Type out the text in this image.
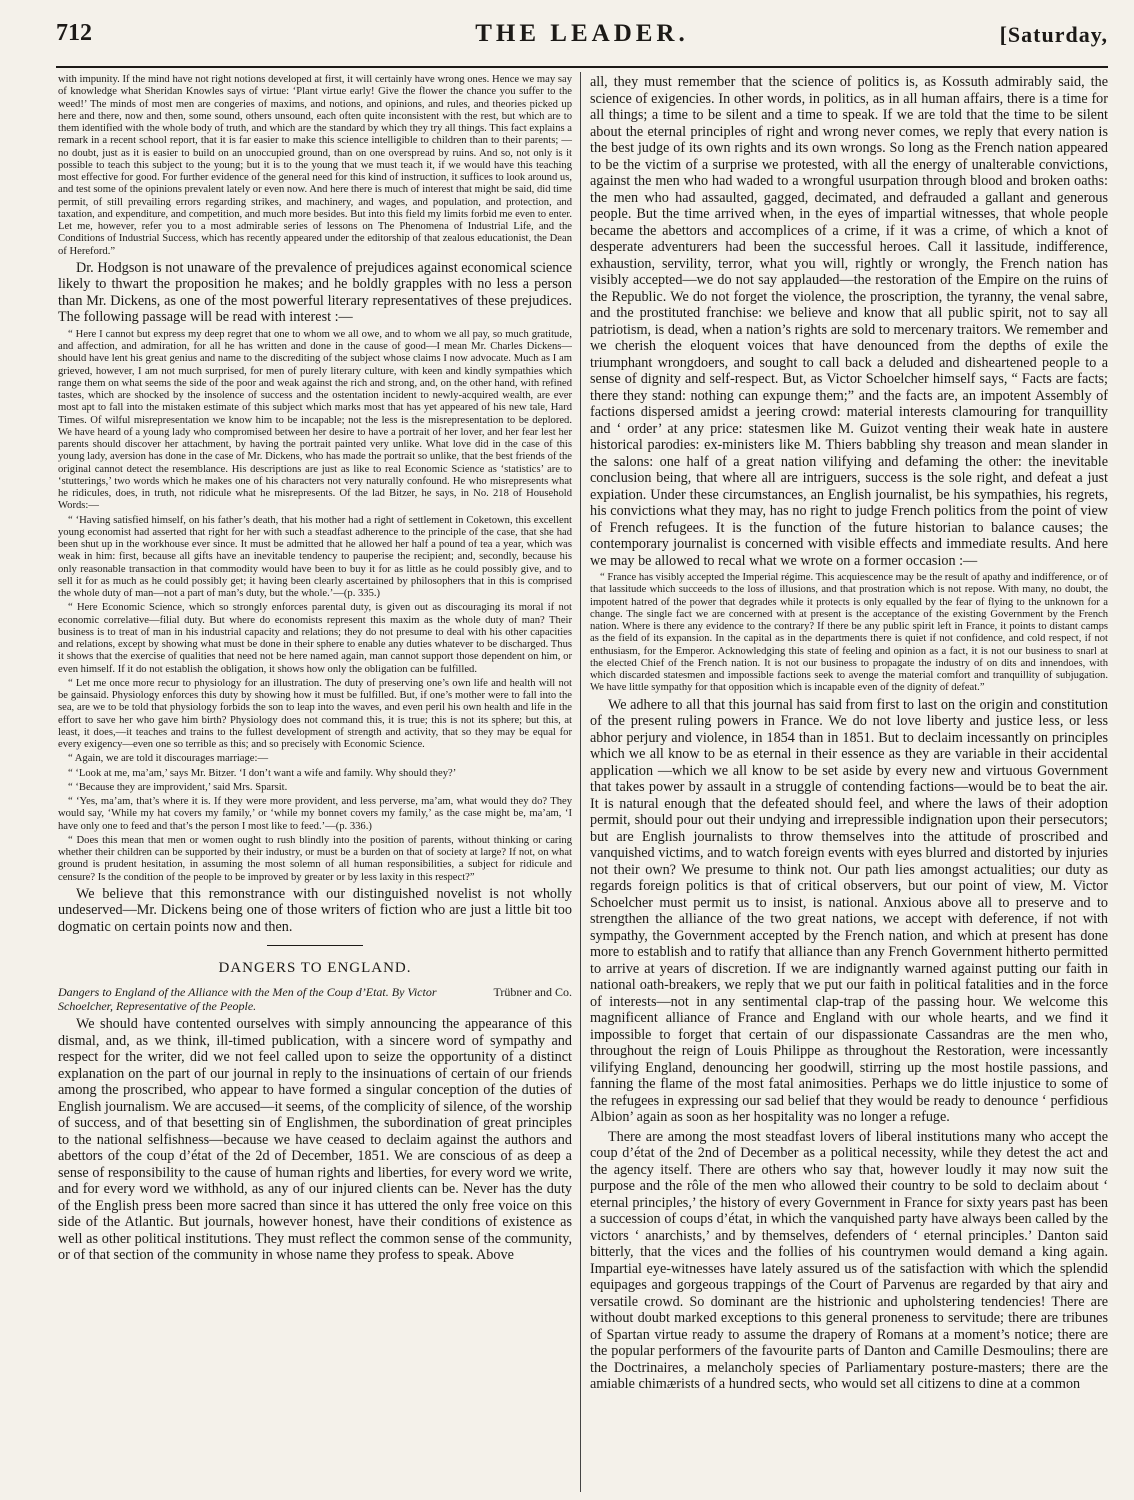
712	THE LEADER.	[Saturday,

with impunity. If the mind have not right notions developed at first, it will certainly have wrong ones. Hence we may say of knowledge what Sheridan Knowles says of virtue: ‘Plant virtue early! Give the flower the chance you suffer to the weed!’ The minds of most men are congeries of maxims, and notions, and opinions, and rules, and theories picked up here and there, now and then, some sound, others unsound, each often quite inconsistent with the rest, but which are to them identified with the whole body of truth, and which are the standard by which they try all things. This fact explains a remark in a recent school report, that it is far easier to make this science intelligible to children than to their parents; —no doubt, just as it is easier to build on an unoccupied ground, than on one overspread by ruins. And so, not only is it possible to teach this subject to the young; but it is to the young that we must teach it, if we would have this teaching most effective for good. For further evidence of the general need for this kind of instruction, it suffices to look around us, and test some of the opinions prevalent lately or even now. And here there is much of interest that might be said, did time permit, of still prevailing errors regarding strikes, and machinery, and wages, and population, and protection, and taxation, and expenditure, and competition, and much more besides. But into this field my limits forbid me even to enter. Let me, however, refer you to a most admirable series of lessons on The Phenomena of Industrial Life, and the Conditions of Industrial Success, which has recently appeared under the editorship of that zealous educationist, the Dean of Hereford.”

Dr. Hodgson is not unaware of the prevalence of prejudices against economical science likely to thwart the proposition he makes; and he boldly grapples with no less a person than Mr. Dickens, as one of the most powerful literary representatives of these prejudices. The following passage will be read with interest :—

“ Here I cannot but express my deep regret that one to whom we all owe, and to whom we all pay, so much gratitude, and affection, and admiration, for all he has written and done in the cause of good—I mean Mr. Charles Dickens—should have lent his great genius and name to the discrediting of the subject whose claims I now advocate. Much as I am grieved, however, I am not much surprised, for men of purely literary culture, with keen and kindly sympathies which range them on what seems the side of the poor and weak against the rich and strong, and, on the other hand, with refined tastes, which are shocked by the insolence of success and the ostentation incident to newly-acquired wealth, are ever most apt to fall into the mistaken estimate of this subject which marks most that has yet appeared of his new tale, Hard Times. Of wilful misrepresentation we know him to be incapable; not the less is the misrepresentation to be deplored. We have heard of a young lady who compromised between her desire to have a portrait of her lover, and her fear lest her parents should discover her attachment, by having the portrait painted very unlike. What love did in the case of this young lady, aversion has done in the case of Mr. Dickens, who has made the portrait so unlike, that the best friends of the original cannot detect the resemblance. His descriptions are just as like to real Economic Science as ‘statistics’ are to ‘stutterings,’ two words which he makes one of his characters not very naturally confound. He who misrepresents what he ridicules, does, in truth, not ridicule what he misrepresents. Of the lad Bitzer, he says, in No. 218 of Household Words:—

“ ‘Having satisfied himself, on his father’s death, that his mother had a right of settlement in Coketown, this excellent young economist had asserted that right for her with such a steadfast adherence to the principle of the case, that she had been shut up in the workhouse ever since. It must be admitted that he allowed her half a pound of tea a year, which was weak in him: first, because all gifts have an inevitable tendency to pauperise the recipient; and, secondly, because his only reasonable transaction in that commodity would have been to buy it for as little as he could possibly give, and to sell it for as much as he could possibly get; it having been clearly ascertained by philosophers that in this is comprised the whole duty of man—not a part of man’s duty, but the whole.’—(p. 335.)

“ Here Economic Science, which so strongly enforces parental duty, is given out as discouraging its moral if not economic correlative—filial duty. But where do economists represent this maxim as the whole duty of man? Their business is to treat of man in his industrial capacity and relations; they do not presume to deal with his other capacities and relations, except by showing what must be done in their sphere to enable any duties whatever to be discharged. Thus it shows that the exercise of qualities that need not be here named again, man cannot support those dependent on him, or even himself. If it do not establish the obligation, it shows how only the obligation can be fulfilled.

“ Let me once more recur to physiology for an illustration. The duty of preserving one’s own life and health will not be gainsaid. Physiology enforces this duty by showing how it must be fulfilled. But, if one’s mother were to fall into the sea, are we to be told that physiology forbids the son to leap into the waves, and even peril his own health and life in the effort to save her who gave him birth? Physiology does not command this, it is true; this is not its sphere; but this, at least, it does,—it teaches and trains to the fullest development of strength and activity, that so they may be equal for every exigency—even one so terrible as this; and so precisely with Economic Science.

“ Again, we are told it discourages marriage:—

“ ‘Look at me, ma’am,’ says Mr. Bitzer. ‘I don’t want a wife and family. Why should they?’

“ ‘Because they are improvident,’ said Mrs. Sparsit.

“ ‘Yes, ma’am, that’s where it is. If they were more provident, and less perverse, ma’am, what would they do? They would say, ‘While my hat covers my family,’ or ‘while my bonnet covers my family,’ as the case might be, ma’am, ‘I have only one to feed and that’s the person I most like to feed.’—(p. 336.)

“ Does this mean that men or women ought to rush blindly into the position of parents, without thinking or caring whether their children can be supported by their industry, or must be a burden on that of society at large? If not, on what ground is prudent hesitation, in assuming the most solemn of all human responsibilities, a subject for ridicule and censure? Is the condition of the people to be improved by greater or by less laxity in this respect?”

We believe that this remonstrance with our distinguished novelist is not wholly undeserved—Mr. Dickens being one of those writers of fiction who are just a little bit too dogmatic on certain points now and then.

DANGERS TO ENGLAND.

Trübner and Co.
Dangers to England of the Alliance with the Men of the Coup d’Etat. By Victor Schoelcher, Representative of the People.

We should have contented ourselves with simply announcing the appearance of this dismal, and, as we think, ill-timed publication, with a sincere word of sympathy and respect for the writer, did we not feel called upon to seize the opportunity of a distinct explanation on the part of our journal in reply to the insinuations of certain of our friends among the proscribed, who appear to have formed a singular conception of the duties of English journalism. We are accused—it seems, of the complicity of silence, of the worship of success, and of that besetting sin of Englishmen, the subordination of great principles to the national selfishness—because we have ceased to declaim against the authors and abettors of the coup d’état of the 2d of December, 1851. We are conscious of as deep a sense of responsibility to the cause of human rights and liberties, for every word we write, and for every word we withhold, as any of our injured clients can be. Never has the duty of the English press been more sacred than since it has uttered the only free voice on this side of the Atlantic. But journals, however honest, have their conditions of existence as well as other political institutions. They must reflect the common sense of the community, or of that section of the community in whose name they profess to speak. Above

all, they must remember that the science of politics is, as Kossuth admirably said, the science of exigencies. In other words, in politics, as in all human affairs, there is a time for all things; a time to be silent and a time to speak. If we are told that the time to be silent about the eternal principles of right and wrong never comes, we reply that every nation is the best judge of its own rights and its own wrongs. So long as the French nation appeared to be the victim of a surprise we protested, with all the energy of unalterable convictions, against the men who had waded to a wrongful usurpation through blood and broken oaths: the men who had assaulted, gagged, decimated, and defrauded a gallant and generous people. But the time arrived when, in the eyes of impartial witnesses, that whole people became the abettors and accomplices of a crime, if it was a crime, of which a knot of desperate adventurers had been the successful heroes. Call it lassitude, indifference, exhaustion, servility, terror, what you will, rightly or wrongly, the French nation has visibly accepted—we do not say applauded—the restoration of the Empire on the ruins of the Republic. We do not forget the violence, the proscription, the tyranny, the venal sabre, and the prostituted franchise: we believe and know that all public spirit, not to say all patriotism, is dead, when a nation’s rights are sold to mercenary traitors. We remember and we cherish the eloquent voices that have denounced from the depths of exile the triumphant wrongdoers, and sought to call back a deluded and disheartened people to a sense of dignity and self-respect. But, as Victor Schoelcher himself says, “ Facts are facts; there they stand: nothing can expunge them;” and the facts are, an impotent Assembly of factions dispersed amidst a jeering crowd: material interests clamouring for tranquillity and ‘ order’ at any price: statesmen like M. Guizot venting their weak hate in austere historical parodies: ex-ministers like M. Thiers babbling shy treason and mean slander in the salons: one half of a great nation vilifying and defaming the other: the inevitable conclusion being, that where all are intriguers, success is the sole right, and defeat a just expiation. Under these circumstances, an English journalist, be his sympathies, his regrets, his convictions what they may, has no right to judge French politics from the point of view of French refugees. It is the function of the future historian to balance causes; the contemporary journalist is concerned with visible effects and immediate results. And here we may be allowed to recal what we wrote on a former occasion :—

“ France has visibly accepted the Imperial régime. This acquiescence may be the result of apathy and indifference, or of that lassitude which succeeds to the loss of illusions, and that prostration which is not repose. With many, no doubt, the impotent hatred of the power that degrades while it protects is only equalled by the fear of flying to the unknown for a change. The single fact we are concerned with at present is the acceptance of the existing Government by the French nation. Where is there any evidence to the contrary? If there be any public spirit left in France, it points to distant camps as the field of its expansion. In the capital as in the departments there is quiet if not confidence, and cold respect, if not enthusiasm, for the Emperor. Acknowledging this state of feeling and opinion as a fact, it is not our business to snarl at the elected Chief of the French nation. It is not our business to propagate the industry of on dits and innendoes, with which discarded statesmen and impossible factions seek to avenge the material comfort and tranquillity of subjugation. We have little sympathy for that opposition which is incapable even of the dignity of defeat.”

We adhere to all that this journal has said from first to last on the origin and constitution of the present ruling powers in France. We do not love liberty and justice less, or less abhor perjury and violence, in 1854 than in 1851. But to declaim incessantly on principles which we all know to be as eternal in their essence as they are variable in their accidental application —which we all know to be set aside by every new and virtuous Government that takes power by assault in a struggle of contending factions—would be to beat the air. It is natural enough that the defeated should feel, and where the laws of their adoption permit, should pour out their undying and irrepressible indignation upon their persecutors; but are English journalists to throw themselves into the attitude of proscribed and vanquished victims, and to watch foreign events with eyes blurred and distorted by injuries not their own? We presume to think not. Our path lies amongst actualities; our duty as regards foreign politics is that of critical observers, but our point of view, M. Victor Schoelcher must permit us to insist, is national. Anxious above all to preserve and to strengthen the alliance of the two great nations, we accept with deference, if not with sympathy, the Government accepted by the French nation, and which at present has done more to establish and to ratify that alliance than any French Government hitherto permitted to arrive at years of discretion. If we are indignantly warned against putting our faith in national oath-breakers, we reply that we put our faith in political fatalities and in the force of interests—not in any sentimental clap-trap of the passing hour. We welcome this magnificent alliance of France and England with our whole hearts, and we find it impossible to forget that certain of our dispassionate Cassandras are the men who, throughout the reign of Louis Philippe as throughout the Restoration, were incessantly vilifying England, denouncing her goodwill, stirring up the most hostile passions, and fanning the flame of the most fatal animosities. Perhaps we do little injustice to some of the refugees in expressing our sad belief that they would be ready to denounce ‘ perfidious Albion’ again as soon as her hospitality was no longer a refuge.

There are among the most steadfast lovers of liberal institutions many who accept the coup d’état of the 2nd of December as a political necessity, while they detest the act and the agency itself. There are others who say that, however loudly it may now suit the purpose and the rôle of the men who allowed their country to be sold to declaim about ‘ eternal principles,’ the history of every Government in France for sixty years past has been a succession of coups d’état, in which the vanquished party have always been called by the victors ‘ anarchists,’ and by themselves, defenders of ‘ eternal principles.’ Danton said bitterly, that the vices and the follies of his countrymen would demand a king again. Impartial eye-witnesses have lately assured us of the satisfaction with which the splendid equipages and gorgeous trappings of the Court of Parvenus are regarded by that airy and versatile crowd. So dominant are the histrionic and upholstering tendencies! There are without doubt marked exceptions to this general proneness to servitude; there are tribunes of Spartan virtue ready to assume the drapery of Romans at a moment’s notice; there are the popular performers of the favourite parts of Danton and Camille Desmoulins; there are the Doctrinaires, a melancholy species of Parliamentary posture-masters; there are the amiable chimærists of a hundred sects, who would set all citizens to dine at a common
